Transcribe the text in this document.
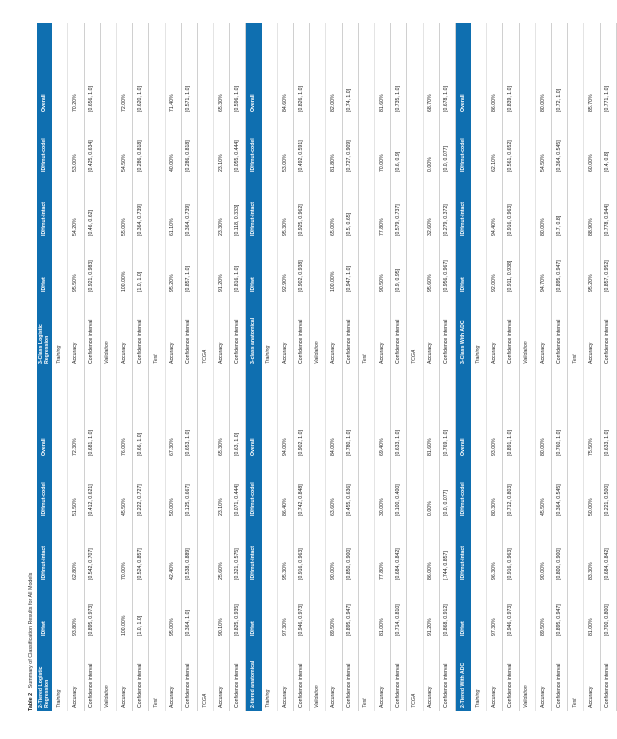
Table 2 Summary of Classification Results for All Models 2-Tiered Logistic Regression
IDHwt
IDHmut-intact
IDHmut-codel
Overall
Training Accuracy
93.80%
62.80%
51.50%
72.30%
Confidence interval
[0.895, 0.973]
[0.542, 0.707]
[0.412, 0.621]
[0.681, 1.0]
Validation Accuracy
100.00%
70.00%
45.50%
76.00%
Confidence interval
[1.0, 1.0]
[0.524, 0.857]
[0.222, 0.727]
[0.66, 1.0]
Test Accuracy
95.00%
42.40%
50.00%
67.30%
Confidence interval
[0.364, 1.0]
[0.538, 0.889]
[0.125, 0.667]
[0.653, 1.0]
TCGA Accuracy
90.10%
25.60%
23.10%
65.30%
Confidence interval
[0.825, 0.935]
[0.321, 0.575]
[0.071, 0.444]
[0.63, 1.0]
2-tiered anatomical
IDHwt
IDHmut-intact
IDHmut-codel
Overall
Training Accuracy
97.30%
95.30%
86.40%
94.00%
Confidence interval
[0.946, 0.973]
[0.916, 0.963]
[0.742, 0.848]
[0.902, 1.0]
Validation Accuracy
89.50%
90.00%
63.60%
84.00%
Confidence interval
[0.895, 0.947]
[0.850, 0.900]
[0.455, 0.636]
[0.780, 1.0]
Test Accuracy
81.00%
77.80%
30.00%
69.40%
Confidence interval
[0.714, 0.810]
[0.684, 0.842]
[0.100, 0.400]
[0.633, 1.0]
TCGA Accuracy
91.20%
86.00%
0.00%
81.60%
Confidence interval
[0.868, 0.912]
[.744, 0.857]
[0.0, 0.077]
[0.769, 1.0]
2-Tiered With ADC
IDHwt
IDHmut-intact
IDHmut-codel
Overall
Training Accuracy
97.30%
96.30%
80.30%
93.00%
Confidence interval
[0.946, 0.973]
[0.916, 0.963]
[0.712, 0.803]
[0.891, 1.0]
Validation Accuracy
89.50%
90.00%
45.50%
80.00%
Confidence interval
[0.895, 0.947]
[0.800, 0.900]
[0.364, 0.545]
[0.760, 1.0]
Test Accuracy
81.00%
83.30%
50.00%
75.50%
Confidence interval
[0.700, 0.800]
[0.684, 0.842]
[0.221, 0.500]
[0.633, 1.0]
3-Class Logistic Regression
IDHwt
IDHmut-intact
IDHmut-codel
Overall
Training Accuracy
95.50%
54.20%
53.00%
70.20%
Confidence interval
[0.921, 0.983]
[0.46, 0.62]
[0.425, 0.634]
[0.656, 1.0]
Validation Accuracy
100.00%
55.00%
54.50%
72.00%
Confidence interval
[1.0, 1.0]
[0.364, 0.739]
[0.286, 0.818]
[0.620, 1.0]
Test Accuracy
95.20%
61.10%
40.00%
71.40%
Confidence interval
[0.857, 1.0]
[0.364, 0.739]
[0.286, 0.818]
[0.571, 1.0]
TCGA Accuracy
91.20%
23.30%
23.10%
65.30%
Confidence interval
[0.816, 1.0]
[0.118, 0.333]
[0.055, 0.444]
[0.596, 1.0]
3-class anatomical
IDHwt
IDHmut-intact
IDHmut-codel
Overall
Training Accuracy
92.90%
95.30%
53.00%
84.60%
Confidence interval
[0.902, 0.938]
[0.925, 0.962]
[0.492, 0.591]
[0.826, 1.0]
Validation Accuracy
100.00%
65.00%
81.80%
82.00%
Confidence interval
[0.947, 1.0]
[0.5, 0.65]
[0.727, 0.909]
[0.74, 1.0]
Test Accuracy
90.50%
77.80%
70.00%
81.60%
Confidence interval
[0.9, 0.95]
[0.579, 0.737]
[0.6, 0.9]
[0.735, 1.0]
TCGA Accuracy
95.60%
32.60%
0.00%
68.70%
Confidence interval
[0.956, 0.967]
[0.279, 0.372]
[0.0, 0.077]
[0.678, 1.0]
3-Class With ADC
IDHwt
IDHmut-intact
IDHmut-codel
Overall
Training Accuracy
92.00%
94.40%
62.10%
86.00%
Confidence interval
[0.911, 0.938]
[0.916, 0.963]
[0.561, 0.652]
[0.839, 1.0]
Validation Accuracy
94.70%
80.00%
54.50%
80.00%
Confidence interval
[0.895, 0.947]
[0.7, 0.8]
[0.364, 0.545]
[0.72, 1.0]
Test Accuracy
95.20%
88.90%
60.00%
85.70%
Confidence interval
[0.857, 0.952]
[0.778, 0.944]
[0.4, 0.8]
[0.771, 1.0]
